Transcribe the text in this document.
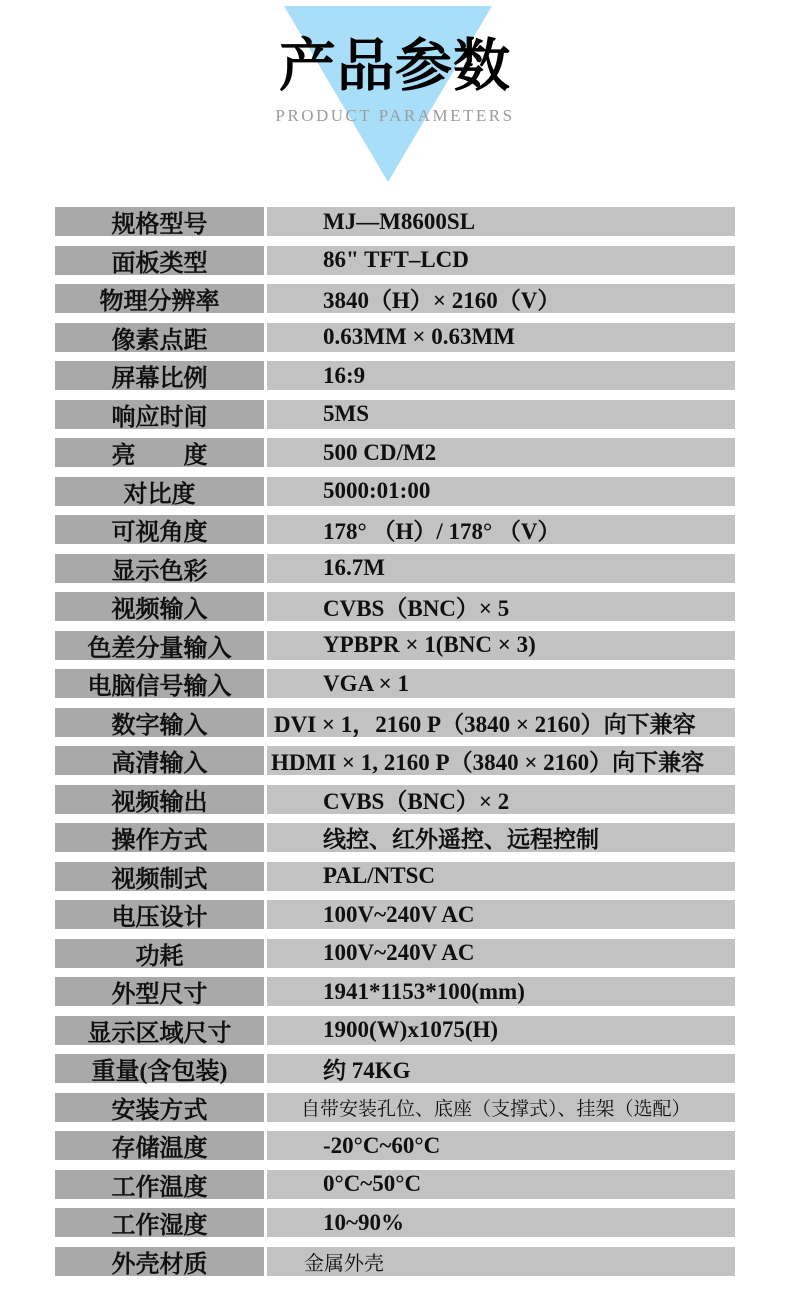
产品参数
PRODUCT PARAMETERS
规格型号	MJ—M8600SL
面板类型	86" TFT–LCD
物理分辨率	3840（H）× 2160（V）
像素点距	0.63MM × 0.63MM
屏幕比例	16:9
响应时间	5MS
亮　　度	500 CD/M2
对比度	5000:01:00
可视角度	178° （H）/ 178° （V）
显示色彩	16.7M
视频输入	CVBS（BNC）× 5
色差分量输入	YPBPR × 1(BNC × 3)
电脑信号输入	VGA × 1
数字输入	DVI × 1，2160 P（3840 × 2160）向下兼容
高清输入	HDMI × 1, 2160 P（3840 × 2160）向下兼容
视频输出	CVBS（BNC）× 2
操作方式	线控、红外遥控、远程控制
视频制式	PAL/NTSC
电压设计	100V~240V AC
功耗	100V~240V AC
外型尺寸	1941*1153*100(mm)
显示区域尺寸	1900(W)x1075(H)
重量(含包装)	约 74KG
安装方式	自带安装孔位、底座（支撑式）、挂架（选配）
存储温度	-20°C~60°C
工作温度	0°C~50°C
工作湿度	10~90%
外壳材质	金属外壳
